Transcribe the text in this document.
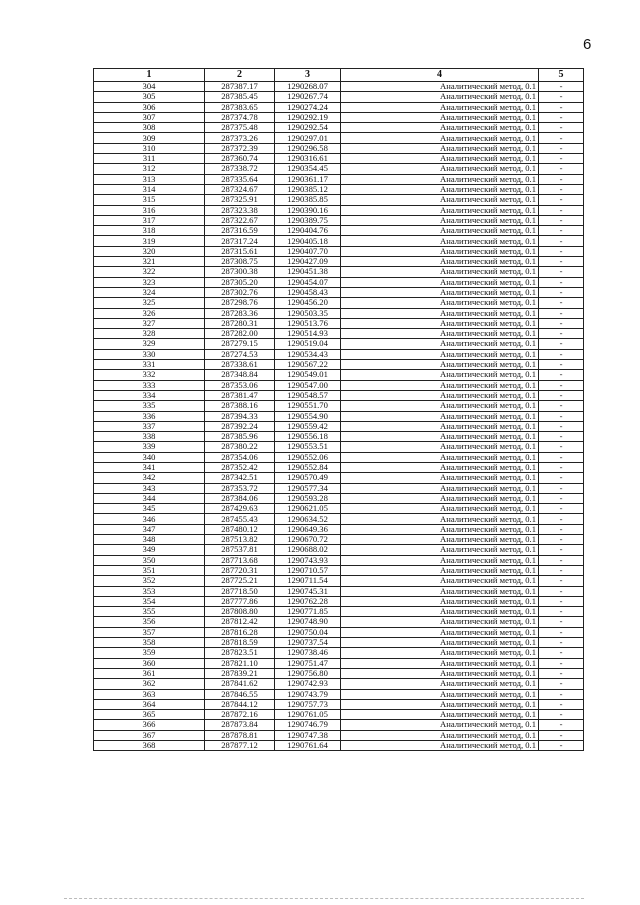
6
1	2	3	4	5
304	287387.17	1290268.07	Аналитический метод, 0.1	-
305	287385.45	1290267.74	Аналитический метод, 0.1	-
306	287383.65	1290274.24	Аналитический метод, 0.1	-
307	287374.78	1290292.19	Аналитический метод, 0.1	-
308	287375.48	1290292.54	Аналитический метод, 0.1	-
309	287373.26	1290297.01	Аналитический метод, 0.1	-
310	287372.39	1290296.58	Аналитический метод, 0.1	-
311	287360.74	1290316.61	Аналитический метод, 0.1	-
312	287338.72	1290354.45	Аналитический метод, 0.1	-
313	287335.64	1290361.17	Аналитический метод, 0.1	-
314	287324.67	1290385.12	Аналитический метод, 0.1	-
315	287325.91	1290385.85	Аналитический метод, 0.1	-
316	287323.38	1290390.16	Аналитический метод, 0.1	-
317	287322.67	1290389.75	Аналитический метод, 0.1	-
318	287316.59	1290404.76	Аналитический метод, 0.1	-
319	287317.24	1290405.18	Аналитический метод, 0.1	-
320	287315.61	1290407.70	Аналитический метод, 0.1	-
321	287308.75	1290427.09	Аналитический метод, 0.1	-
322	287300.38	1290451.38	Аналитический метод, 0.1	-
323	287305.20	1290454.07	Аналитический метод, 0.1	-
324	287302.76	1290458.43	Аналитический метод, 0.1	-
325	287298.76	1290456.20	Аналитический метод, 0.1	-
326	287283.36	1290503.35	Аналитический метод, 0.1	-
327	287280.31	1290513.76	Аналитический метод, 0.1	-
328	287282.00	1290514.93	Аналитический метод, 0.1	-
329	287279.15	1290519.04	Аналитический метод, 0.1	-
330	287274.53	1290534.43	Аналитический метод, 0.1	-
331	287338.61	1290567.22	Аналитический метод, 0.1	-
332	287348.84	1290549.01	Аналитический метод, 0.1	-
333	287353.06	1290547.00	Аналитический метод, 0.1	-
334	287381.47	1290548.57	Аналитический метод, 0.1	-
335	287388.16	1290551.70	Аналитический метод, 0.1	-
336	287394.33	1290554.90	Аналитический метод, 0.1	-
337	287392.24	1290559.42	Аналитический метод, 0.1	-
338	287385.96	1290556.18	Аналитический метод, 0.1	-
339	287380.22	1290553.51	Аналитический метод, 0.1	-
340	287354.06	1290552.06	Аналитический метод, 0.1	-
341	287352.42	1290552.84	Аналитический метод, 0.1	-
342	287342.51	1290570.49	Аналитический метод, 0.1	-
343	287353.72	1290577.34	Аналитический метод, 0.1	-
344	287384.06	1290593.28	Аналитический метод, 0.1	-
345	287429.63	1290621.05	Аналитический метод, 0.1	-
346	287455.43	1290634.52	Аналитический метод, 0.1	-
347	287480.12	1290649.36	Аналитический метод, 0.1	-
348	287513.82	1290670.72	Аналитический метод, 0.1	-
349	287537.81	1290688.02	Аналитический метод, 0.1	-
350	287713.68	1290743.93	Аналитический метод, 0.1	-
351	287720.31	1290710.57	Аналитический метод, 0.1	-
352	287725.21	1290711.54	Аналитический метод, 0.1	-
353	287718.50	1290745.31	Аналитический метод, 0.1	-
354	287777.86	1290762.28	Аналитический метод, 0.1	-
355	287808.80	1290771.85	Аналитический метод, 0.1	-
356	287812.42	1290748.90	Аналитический метод, 0.1	-
357	287816.28	1290750.04	Аналитический метод, 0.1	-
358	287818.59	1290737.54	Аналитический метод, 0.1	-
359	287823.51	1290738.46	Аналитический метод, 0.1	-
360	287821.10	1290751.47	Аналитический метод, 0.1	-
361	287839.21	1290756.80	Аналитический метод, 0.1	-
362	287841.62	1290742.93	Аналитический метод, 0.1	-
363	287846.55	1290743.79	Аналитический метод, 0.1	-
364	287844.12	1290757.73	Аналитический метод, 0.1	-
365	287872.16	1290761.05	Аналитический метод, 0.1	-
366	287873.84	1290746.79	Аналитический метод, 0.1	-
367	287878.81	1290747.38	Аналитический метод, 0.1	-
368	287877.12	1290761.64	Аналитический метод, 0.1	-
